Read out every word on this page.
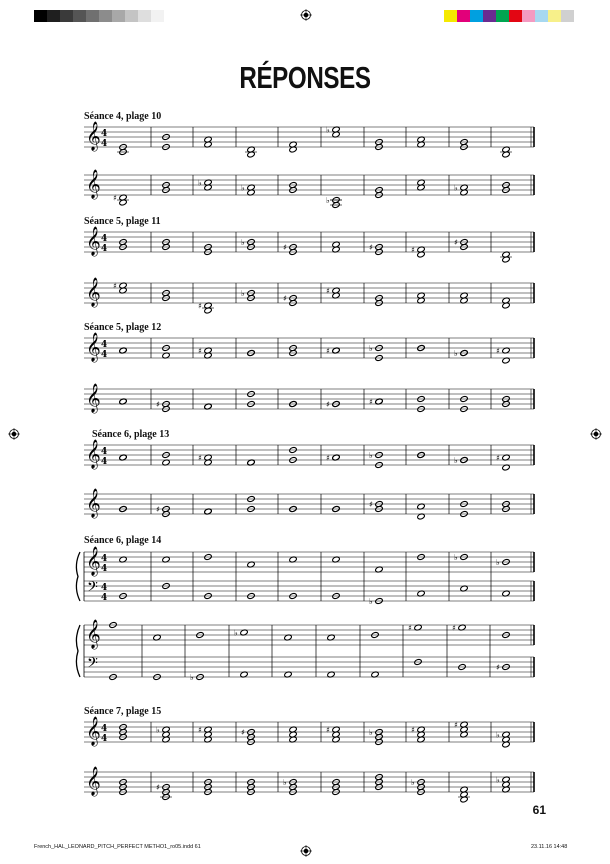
RÉPONSES
Séance 4, plage 10
Séance 5, plage 11
Séance 5, plage 12
Séance 6, plage 13
Séance 6, plage 14
Séance 7, plage 15
𝄞 4
4
♭
𝄞 ♯
♭
♭
♭
♭
𝄞 4
4
♭
♯	♯	♯
♯
𝄞 ♯
♯
♭
♯
♯
𝄞 4
4	♯	♯	♭
♭	♯
𝄞	♯	♯	♯
𝄞 4
4	♯	♯	♭
♭	♯
𝄞	♯
♯
𝄞 4
4
♭
♭
𝄢 4
4	♭
𝄞	♭
♯	♯
𝄢
♭
♯
𝄞 4
4
♭	♯	♯	♯	♭	♯
♯
♭
𝄞	♯
♭	♭	♭
61
French_HAL_LEONARD_PITCH_PERFECT METHO1_ro05.indd 61	23.11.16 14:48
